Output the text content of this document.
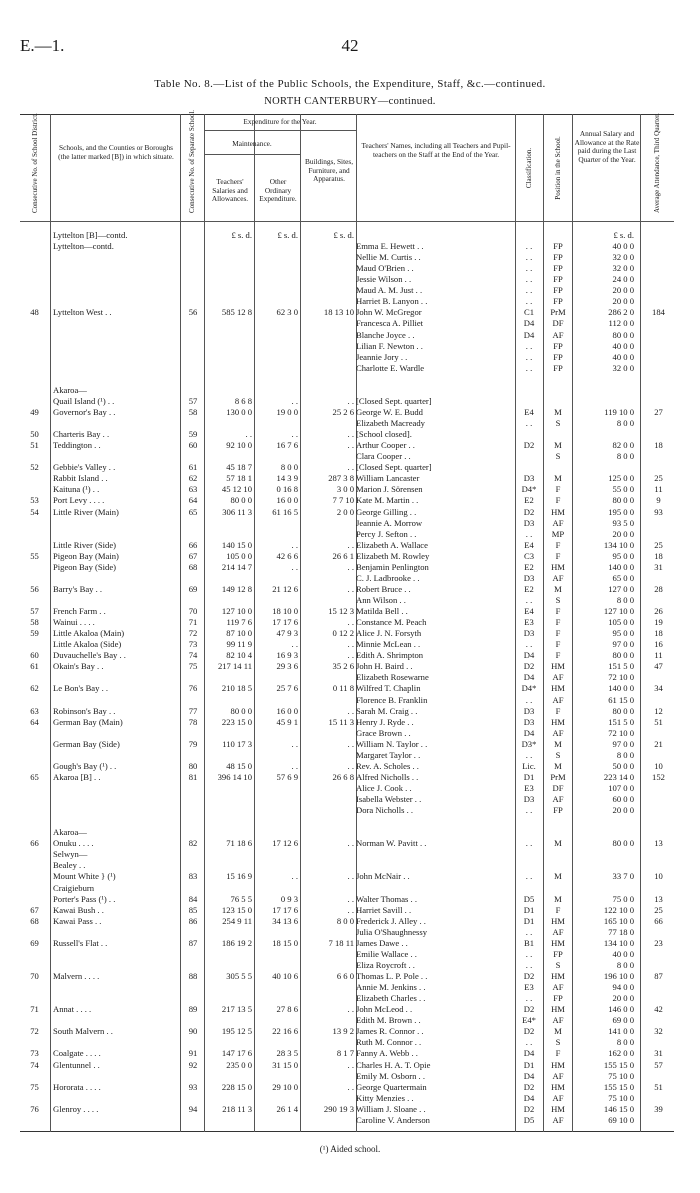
E.—1.	42
Table No. 8.—List of the Public Schools, the Expenditure, Staff, &c.—continued.
NORTH CANTERBURY—continued.
Consecutive No. of School District.	Schools, and the Counties or Boroughs (the latter marked [B]) in which situate.	Consecutive No. of Separate School.	Expenditure for the Year.
Maintenance.
Teachers' Salaries and Allowances.
Other Ordinary Expenditure.
Buildings, Sites, Furniture, and Apparatus.
Teachers' Names, including all Teachers and Pupil-teachers on the Staff at the End of the Year.	Classification.	Position in the School.
Annual Salary and Allowance at the Rate paid during the Last Quarter of the Year.	Average Attendance, Third Quarter.
Lyttelton [B]—contd.	£ s. d.	£ s. d.	£ s. d.	£ s. d.
Lyttelton—contd.	Emma E. Hewett . .	. .	FP	40 0 0
Nellie M. Curtis . .	. .	FP	32 0 0
Maud O'Brien . .	. .	FP	32 0 0
Jessie Wilson . .	. .	FP	24 0 0
Maud A. M. Just . .	. .	FP	20 0 0
Harriet B. Lanyon . .	. .	FP	20 0 0
48	Lyttelton West . .	56	585 12 8	62 3 0	18 13 10 John W. McGregor	C1	PrM	286 2 0	184
Francesca A. Pilliet	D4	DF	112 0 0
Blanche Joyce . .	D4	AF	80 0 0
Lilian F. Newton . .	. .	FP	40 0 0
Jeannie Jory . .	. .	FP	40 0 0
Charlotte E. Wardle	. .	FP	32 0 0
Akaroa—
Quail Island (¹) . .	57	8 6 8	. .	. . [Closed Sept. quarter]
49	Governor's Bay . .	58	130 0 0	19 0 0	25 2 6 George W. E. Budd	E4	M	119 10 0	27
Elizabeth Macready	. .	S	8 0 0
50	Charteris Bay . .	59	. .	. .	. . [School closed].
51	Teddington . .	60	92 10 0	16 7 6	. . Arthur Cooper . .	D2	M	82 0 0	18
Clara Cooper . .	S	8 0 0
52	Gebbie's Valley . .	61	45 18 7	8 0 0	. . [Closed Sept. quarter]
Rabbit Island . .	62	57 18 1	14 3 9	287 3 8 William Lancaster	D3	M	125 0 0	25
Kaituna (¹) . .	63	45 12 10	0 16 8	3 0 0 Marion J. Sörensen	D4*	F	55 0 0	11
53	Port Levy . . . .	64	80 0 0	16 0 0	7 7 10 Kate M. Martin . .	E2	F	80 0 0	9
54	Little River (Main)	65	306 11 3	61 16 5	2 0 0 George Gilling . .	D2	HM	195 0 0	93
Jeannie A. Morrow	D3	AF	93 5 0
Percy J. Sefton . .	. .	MP	20 0 0
Little River (Side)	66	140 15 0	. .	. . Elizabeth A. Wallace	E4	F	134 10 0	25
55	Pigeon Bay (Main)	67	105 0 0	42 6 6	26 6 1 Elizabeth M. Rowley	C3	F	95 0 0	18
Pigeon Bay (Side)	68	214 14 7	. .	. . Benjamin Penlington	E2	HM	140 0 0	31
C. J. Ladbrooke . .	D3	AF	65 0 0
56	Barry's Bay . .	69	149 12 8	21 12 6	. . Robert Bruce . .	E2	M	127 0 0	28
Ann Wilson . .	. .	S	8 0 0
57	French Farm . .	70	127 10 0	18 10 0	15 12 3 Matilda Bell . .	E4	F	127 10 0	26
58	Wainui . . . .	71	119 7 6	17 17 6	. . Constance M. Peach	E3	F	105 0 0	19
59	Little Akaloa (Main)	72	87 10 0	47 9 3	0 12 2 Alice J. N. Forsyth	D3	F	95 0 0	18
Little Akaloa (Side)	73	99 11 9	. .	. . Minnie McLean . .	. .	F	97 0 0	16
60	Duvauchelle's Bay . .	74	82 10 4	16 9 3	. . Edith A. Shrimpton	D4	F	80 0 0	11
61	Okain's Bay . .	75	217 14 11	29 3 6	35 2 6 John H. Baird . .	D2	HM	151 5 0	47
Elizabeth Rosewarne	D4	AF	72 10 0
62	Le Bon's Bay . .	76	210 18 5	25 7 6	0 11 8 Wilfred T. Chaplin	D4*	HM	140 0 0	34
Florence B. Franklin	. .	AF	61 15 0
63	Robinson's Bay . .	77	80 0 0	16 0 0	. . Sarah M. Craig . .	D3	F	80 0 0	12
64	German Bay (Main)	78	223 15 0	45 9 1	15 11 3 Henry J. Ryde . .	D3	HM	151 5 0	51
Grace Brown . .	D4	AF	72 10 0
German Bay (Side)	79	110 17 3	. .	. . William N. Taylor . .	D3*	M	97 0 0	21
Margaret Taylor . .	. .	S	8 0 0
Gough's Bay (¹) . .	80	48 15 0	. .	. . Rev. A. Scholes . .	Lic.	M	50 0 0	10
65	Akaroa [B] . .	81	396 14 10	57 6 9	26 6 8 Alfred Nicholls . .	D1	PrM	223 14 0	152
Alice J. Cook . .	E3	DF	107 0 0
Isabella Webster . .	D3	AF	60 0 0
Dora Nicholls . .	. .	FP	20 0 0
Akaroa—
66	Onuku . . . .	82	71 18 6	17 12 6	. . Norman W. Pavitt . .	. .	M	80 0 0	13
Selwyn—
Bealey . .
Mount White } (¹)	83	15 16 9	. .	. . John McNair . .	. .	M	33 7 0	10
Craigieburn
Porter's Pass (¹) . .	84	76 5 5	0 9 3	. . Walter Thomas . .	D5	M	75 0 0	13
67	Kawai Bush . .	85	123 15 0	17 17 6	. . Harriet Savill . .	D1	F	122 10 0	25
68	Kawai Pass . .	86	254 9 11	34 13 6	8 0 0 Frederick J. Alley . .	D1	HM	165 10 0	66
Julia O'Shaughnessy	. .	AF	77 18 0
69	Russell's Flat . .	87	186 19 2	18 15 0	7 18 11 James Dawe . .	B1	HM	134 10 0	23
Emilie Wallace . .	. .	FP	40 0 0
Eliza Roycroft . .	. .	S	8 0 0
70	Malvern . . . .	88	305 5 5	40 10 6	6 6 0 Thomas L. P. Pole . .	D2	HM	196 10 0	87
Annie M. Jenkins . .	E3	AF	94 0 0
Elizabeth Charles . .	. .	FP	20 0 0
71	Annat . . . .	89	217 13 5	27 8 6	. . John McLeod . .	D2	HM	146 0 0	42
Edith M. Brown . .	E4*	AF	69 0 0
72	South Malvern . .	90	195 12 5	22 16 6	13 9 2 James R. Connor . .	D2	M	141 0 0	32
Ruth M. Connor . .	. .	S	8 0 0
73	Coalgate . . . .	91	147 17 6	28 3 5	8 1 7 Fanny A. Webb . .	D4	F	162 0 0	31
74	Glentunnel . .	92	235 0 0	31 15 0	. . Charles H. A. T. Opie	D1	HM	155 15 0	57
Emily M. Osborn . .	D4	AF	75 10 0
75	Hororata . . . .	93	228 15 0	29 10 0	. . George Quartermain	D2	HM	155 15 0	51
Kitty Menzies . .	D4	AF	75 10 0
76	Glenroy . . . .	94	218 11 3	26 1 4	290 19 3 William J. Sloane . .	D2	HM	146 15 0	39
Caroline V. Anderson	D5	AF	69 10 0
(¹) Aided school.
